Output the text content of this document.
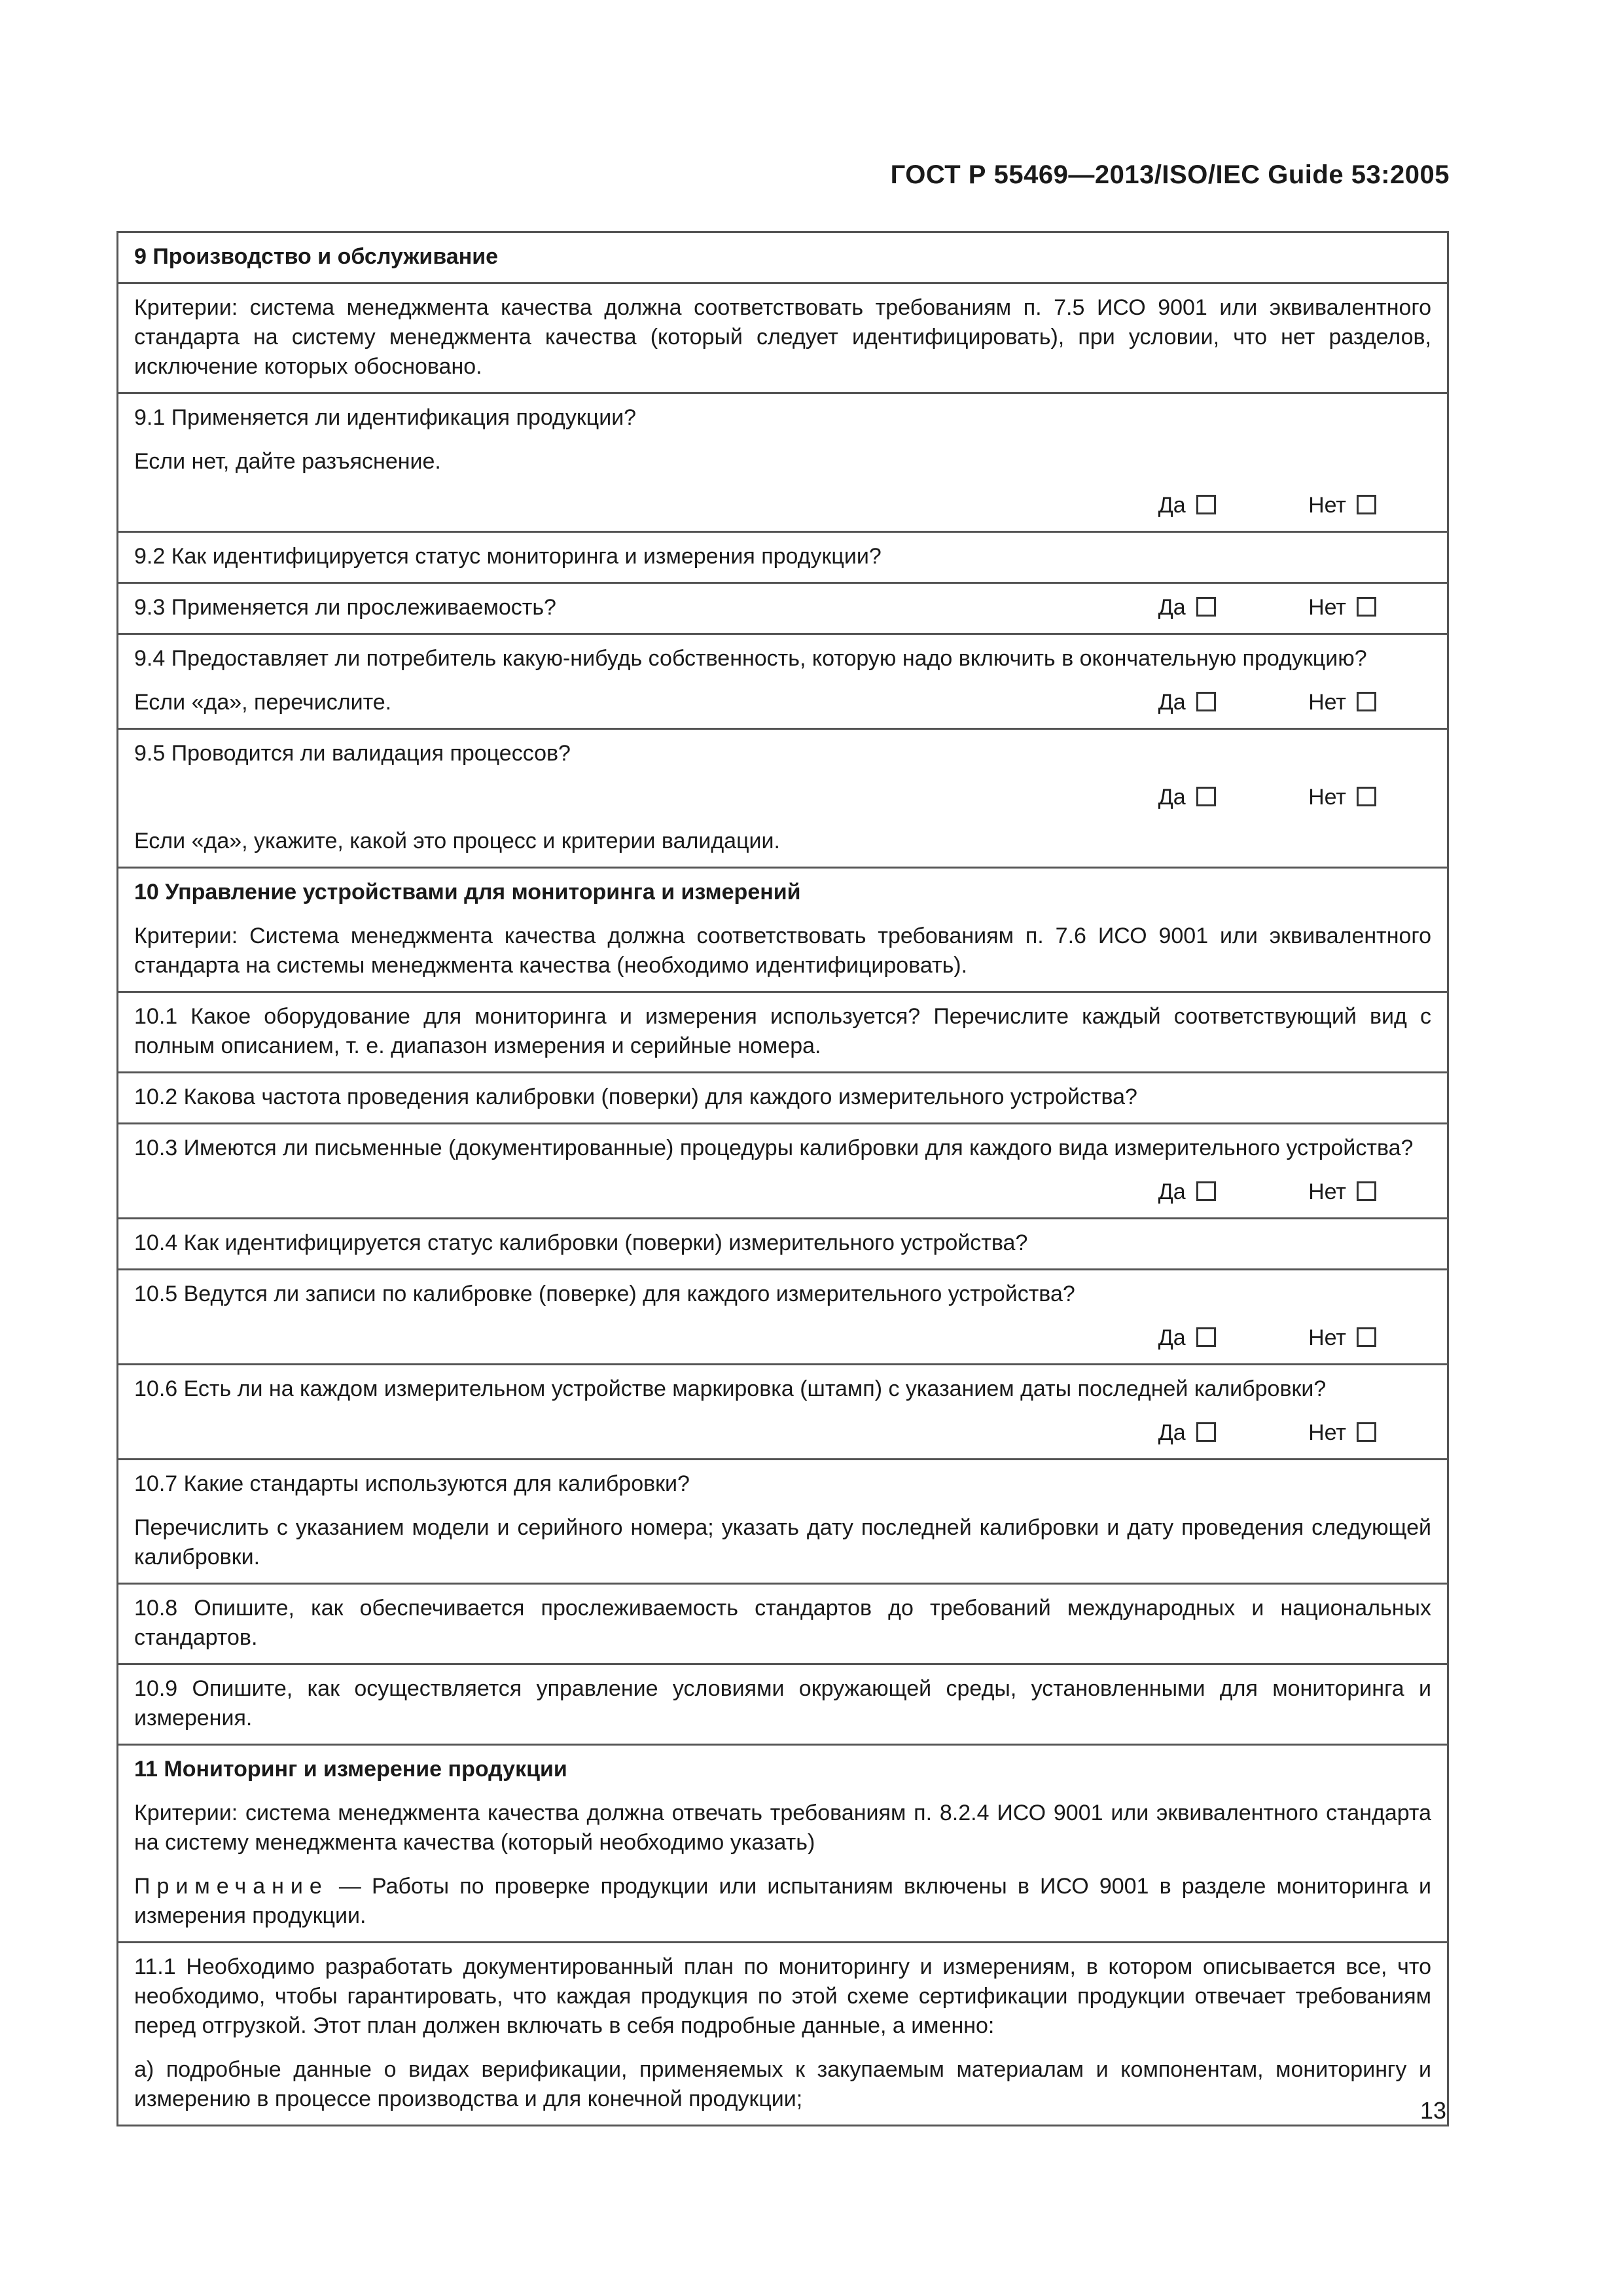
ГОСТ Р 55469—2013/ISO/IEC Guide 53:2005

9 Производство и обслуживание

Критерии: система менеджмента качества должна соответствовать требованиям п. 7.5 ИСО 9001 или эквивалентного стандарта на систему менеджмента качества (который следует идентифицировать), при условии, что нет разделов, исключение которых обосновано.

9.1 Применяется ли идентификация продукции?

Если нет, дайте разъяснение.

Да	Нет

9.2 Как идентифицируется статус мониторинга и измерения продукции?

9.3 Применяется ли прослеживаемость?	Да	Нет

9.4 Предоставляет ли потребитель какую-нибудь собственность, которую надо включить в окончательную продукцию?

Если «да», перечислите.	Да	Нет

9.5 Проводится ли валидация процессов?

Да	Нет

Если «да», укажите, какой это процесс и критерии валидации.

10 Управление устройствами для мониторинга и измерений

Критерии: Система менеджмента качества должна соответствовать требованиям п. 7.6 ИСО 9001 или эквивалентного стандарта на системы менеджмента качества (необходимо идентифицировать).

10.1 Какое оборудование для мониторинга и измерения используется? Перечислите каждый соответствующий вид с полным описанием, т. е. диапазон измерения и серийные номера.

10.2 Какова частота проведения калибровки (поверки) для каждого измерительного устройства?

10.3 Имеются ли письменные (документированные) процедуры калибровки для каждого вида измерительного устройства?

Да	Нет

10.4 Как идентифицируется статус калибровки (поверки) измерительного устройства?

10.5 Ведутся ли записи по калибровке (поверке) для каждого измерительного устройства?

Да	Нет

10.6 Есть ли на каждом измерительном устройстве маркировка (штамп) с указанием даты последней калибровки?

Да	Нет

10.7 Какие стандарты используются для калибровки?

Перечислить с указанием модели и серийного номера; указать дату последней калибровки и дату проведения следующей калибровки.

10.8 Опишите, как обеспечивается прослеживаемость стандартов до требований международных и национальных стандартов.

10.9 Опишите, как осуществляется управление условиями окружающей среды, установленными для мониторинга и измерения.

11 Мониторинг и измерение продукции

Критерии: система менеджмента качества должна отвечать требованиям п. 8.2.4 ИСО 9001 или эквивалентного стандарта на систему менеджмента качества (который необходимо указать)

Примечание — Работы по проверке продукции или испытаниям включены в ИСО 9001 в разделе мониторинга и измерения продукции.

11.1 Необходимо разработать документированный план по мониторингу и измерениям, в котором описывается все, что необходимо, чтобы гарантировать, что каждая продукция по этой схеме сертификации продукции отвечает требованиям перед отгрузкой. Этот план должен включать в себя подробные данные, а именно:

а) подробные данные о видах верификации, применяемых к закупаемым материалам и компонентам, мониторингу и измерению в процессе производства и для конечной продукции;	13
